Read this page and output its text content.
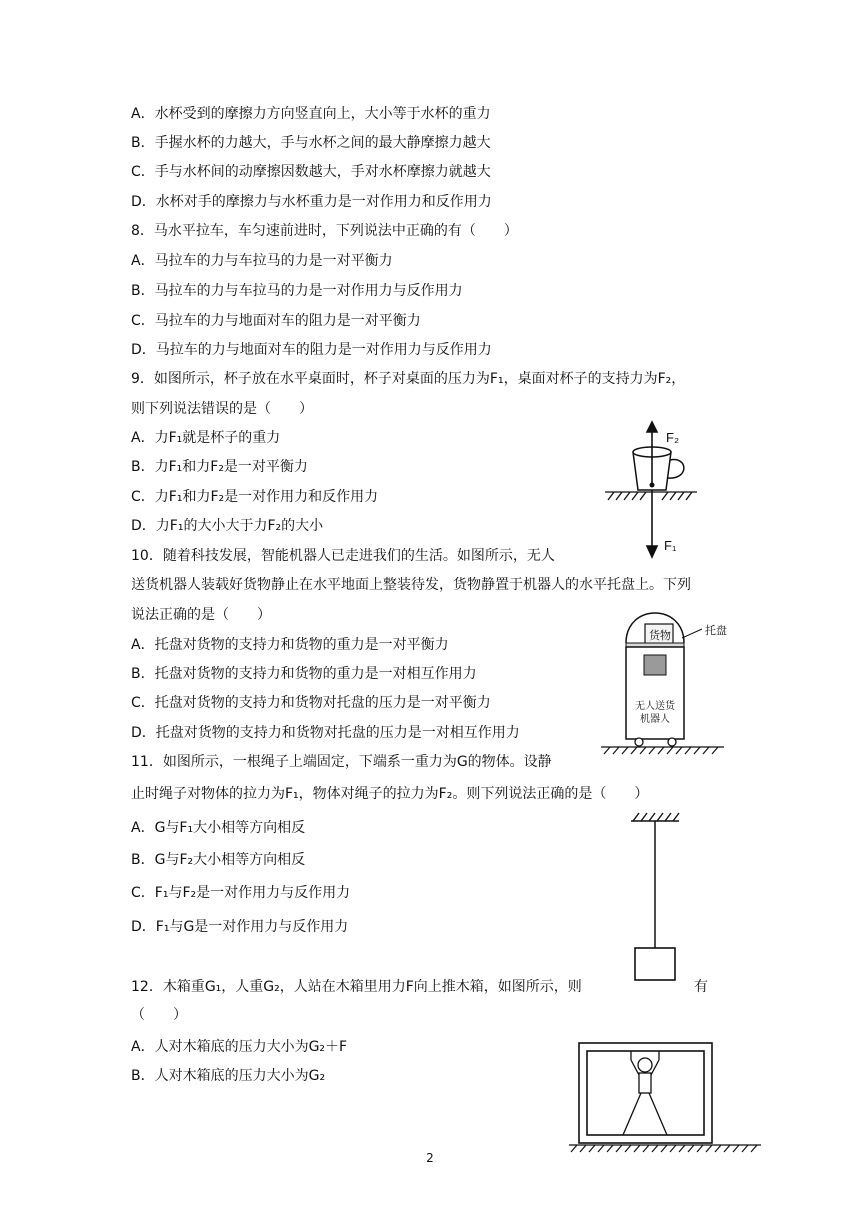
A．水杯受到的摩擦力方向竖直向上，大小等于水杯的重力
B．手握水杯的力越大，手与水杯之间的最大静摩擦力越大
C．手与水杯间的动摩擦因数越大，手对水杯摩擦力就越大
D．水杯对手的摩擦力与水杯重力是一对作用力和反作用力
8．马水平拉车，车匀速前进时，下列说法中正确的有（　　）
A．马拉车的力与车拉马的力是一对平衡力
B．马拉车的力与车拉马的力是一对作用力与反作用力
C．马拉车的力与地面对车的阻力是一对平衡力
D．马拉车的力与地面对车的阻力是一对作用力与反作用力
9．如图所示，杯子放在水平桌面时，杯子对桌面的压力为F₁，桌面对杯子的支持力为F₂，
则下列说法错误的是（　　）
A．力F₁就是杯子的重力
B．力F₁和力F₂是一对平衡力
C．力F₁和力F₂是一对作用力和反作用力
D．力F₁的大小大于力F₂的大小
10．随着科技发展，智能机器人已走进我们的生活。如图所示，无人
送货机器人装载好货物静止在水平地面上整装待发，货物静置于机器人的水平托盘上。下列
说法正确的是（　　）
A．托盘对货物的支持力和货物的重力是一对平衡力
B．托盘对货物的支持力和货物的重力是一对相互作用力
C．托盘对货物的支持力和货物对托盘的压力是一对平衡力
D．托盘对货物的支持力和货物对托盘的压力是一对相互作用力
11．如图所示，一根绳子上端固定，下端系一重力为G的物体。设静
止时绳子对物体的拉力为F₁，物体对绳子的拉力为F₂。则下列说法正确的是（　　）
A．G与F₁大小相等方向相反
B．G与F₂大小相等方向相反
C．F₁与F₂是一对作用力与反作用力
D．F₁与G是一对作用力与反作用力
12．木箱重G₁，人重G₂，人站在木箱里用力F向上推木箱，如图所示，则	有
（　　）
A．人对木箱底的压力大小为G₂＋F
B．人对木箱底的压力大小为G₂
F₂
F₁
货物	托盘
无人送货
机器人
2
